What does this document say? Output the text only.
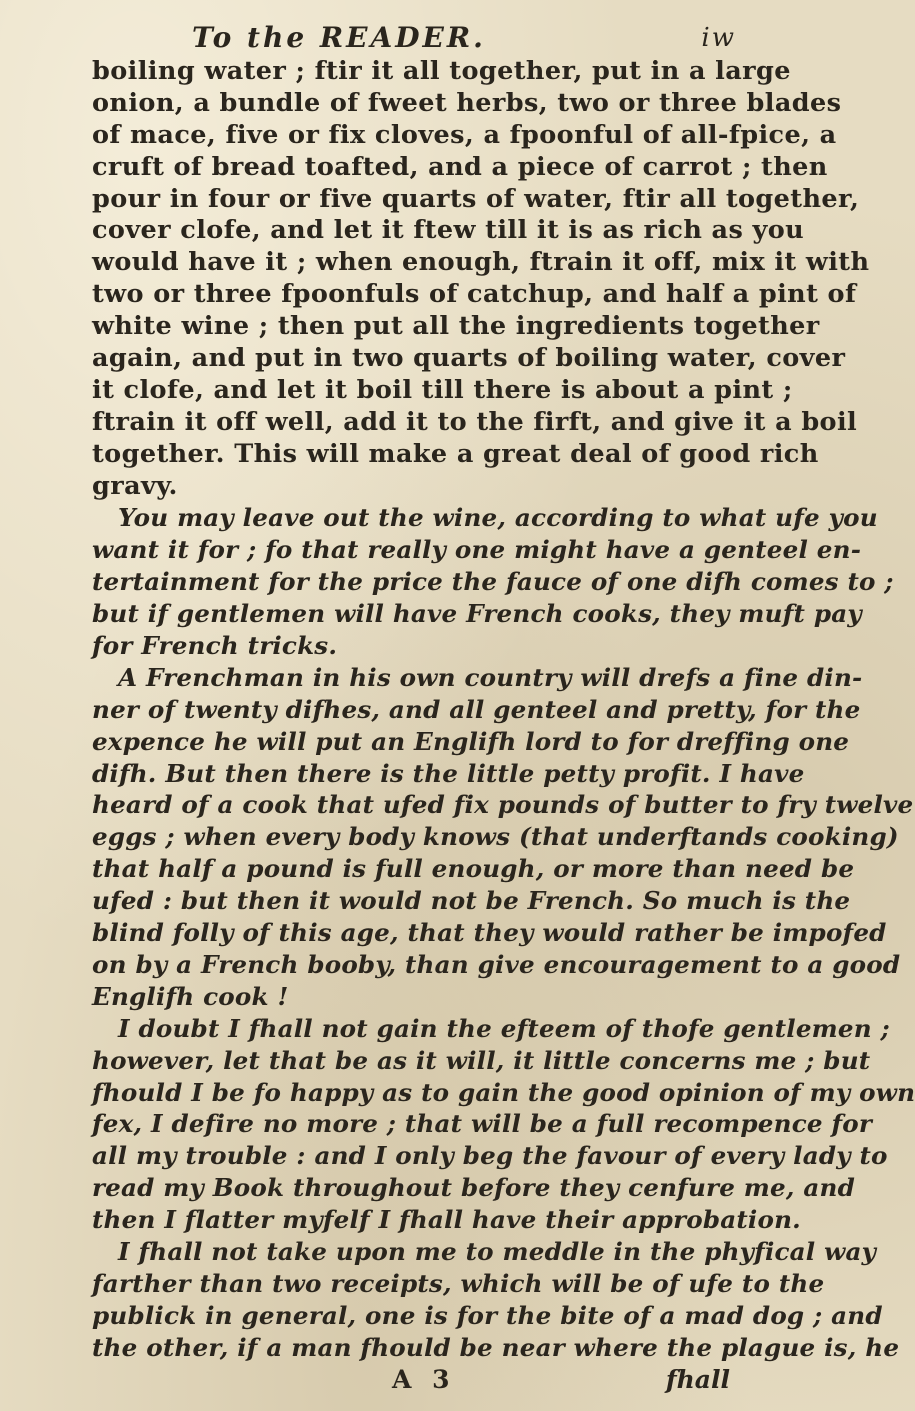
To the READER.	iw
boiling water ; ftir it all together, put in a large
onion, a bundle of fweet herbs, two or three blades
of mace, five or fix cloves, a fpoonful of all-fpice, a
cruft of bread toafted, and a piece of carrot ; then
pour in four or five quarts of water, ftir all together,
cover clofe, and let it ftew till it is as rich as you
would have it ; when enough, ftrain it off, mix it with
two or three fpoonfuls of catchup, and half a pint of
white wine ; then put all the ingredients together
again, and put in two quarts of boiling water, cover
it clofe, and let it boil till there is about a pint ;
ftrain it off well, add it to the firft, and give it a boil
together. This will make a great deal of good rich
gravy.
You may leave out the wine, according to what ufe you
want it for ; fo that really one might have a genteel en-
tertainment for the price the fauce of one difh comes to ;
but if gentlemen will have French cooks, they muft pay
for French tricks.
A Frenchman in his own country will drefs a fine din-
ner of twenty difhes, and all genteel and pretty, for the
expence he will put an Englifh lord to for dreffing one
difh. But then there is the little petty profit. I have
heard of a cook that ufed fix pounds of butter to fry twelve
eggs ; when every body knows (that underftands cooking)
that half a pound is full enough, or more than need be
ufed : but then it would not be French. So much is the
blind folly of this age, that they would rather be impofed
on by a French booby, than give encouragement to a good
Englifh cook !
I doubt I fhall not gain the efteem of thofe gentlemen ;
however, let that be as it will, it little concerns me ; but
fhould I be fo happy as to gain the good opinion of my own
fex, I defire no more ; that will be a full recompence for
all my trouble : and I only beg the favour of every lady to
read my Book throughout before they cenfure me, and
then I flatter myfelf I fhall have their approbation.
I fhall not take upon me to meddle in the phyfical way
farther than two receipts, which will be of ufe to the
publick in general, one is for the bite of a mad dog ; and
the other, if a man fhould be near where the plague is, he
A 3	fhall
